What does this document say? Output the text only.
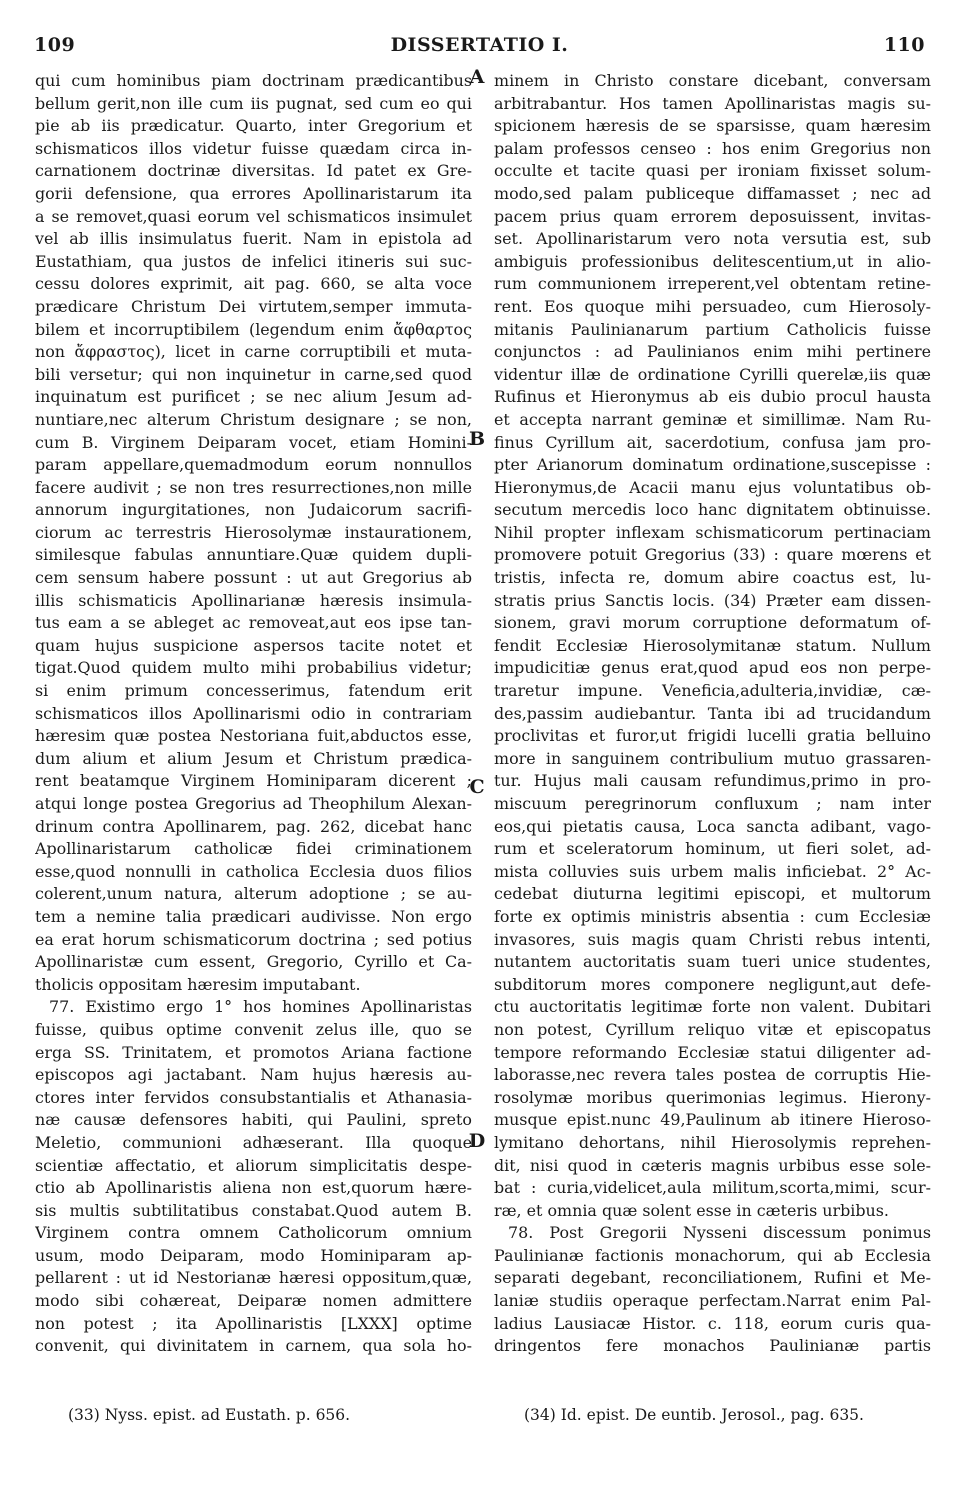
109	DISSERTATIO I.	110
qui cum hominibus piam doctrinam prædicantibus
bellum gerit,non ille cum iis pugnat, sed cum eo qui
pie ab iis prædicatur. Quarto, inter Gregorium et
schismaticos illos videtur fuisse quædam circa in-
carnationem doctrinæ diversitas. Id patet ex Gre-
gorii defensione, qua errores Apollinaristarum ita
a se removet,quasi eorum vel schismaticos insimulet
vel ab illis insimulatus fuerit. Nam in epistola ad
Eustathiam, qua justos de infelici itineris sui suc-
cessu dolores exprimit, ait pag. 660, se alta voce
prædicare Christum Dei virtutem,semper immuta-
bilem et incorruptibilem (legendum enim ἄφθαρτος
non ἄφραστος), licet in carne corruptibili et muta-
bili versetur; qui non inquinetur in carne,sed quod
inquinatum est purificet ; se nec alium Jesum ad-
nuntiare,nec alterum Christum designare ; se non,
cum B. Virginem Deiparam vocet, etiam Homini-
param appellare,quemadmodum eorum nonnullos
facere audivit ; se non tres resurrectiones,non mille
annorum ingurgitationes, non Judaicorum sacrifi-
ciorum ac terrestris Hierosolymæ instaurationem,
similesque fabulas annuntiare.Quæ quidem dupli-
cem sensum habere possunt : ut aut Gregorius ab
illis schismaticis Apollinarianæ hæresis insimula-
tus eam a se ableget ac removeat,aut eos ipse tan-
quam hujus suspicione aspersos tacite notet et
tigat.Quod quidem multo mihi probabilius videtur;
si enim primum concesserimus, fatendum erit
schismaticos illos Apollinarismi odio in contrariam
hæresim quæ postea Nestoriana fuit,abductos esse,
dum alium et alium Jesum et Christum prædica-
rent beatamque Virginem Hominiparam dicerent ;
atqui longe postea Gregorius ad Theophilum Alexan-
drinum contra Apollinarem, pag. 262, dicebat hanc
Apollinaristarum catholicæ fidei criminationem
esse,quod nonnulli in catholica Ecclesia duos filios
colerent,unum natura, alterum adoptione ; se au-
tem a nemine talia prædicari audivisse. Non ergo
ea erat horum schismaticorum doctrina ; sed potius
Apollinaristæ cum essent, Gregorio, Cyrillo et Ca-
tholicis oppositam hæresim imputabant.
77. Existimo ergo 1° hos homines Apollinaristas
fuisse, quibus optime convenit zelus ille, quo se
erga SS. Trinitatem, et promotos Ariana factione
episcopos agi jactabant. Nam hujus hæresis au-
ctores inter fervidos consubstantialis et Athanasia-
næ causæ defensores habiti, qui Paulini, spreto
Meletio, communioni adhæserant. Illa quoque
scientiæ affectatio, et aliorum simplicitatis despe-
ctio ab Apollinaristis aliena non est,quorum hære-
sis multis subtilitatibus constabat.Quod autem B.
Virginem contra omnem Catholicorum omnium
usum, modo Deiparam, modo Hominiparam ap-
pellarent : ut id Nestorianæ hæresi oppositum,quæ,
modo sibi cohæreat, Deiparæ nomen admittere
non potest ; ita Apollinaristis [LXXX] optime
convenit, qui divinitatem in carnem, qua sola ho-
minem in Christo constare dicebant, conversam
arbitrabantur. Hos tamen Apollinaristas magis su-
spicionem hæresis de se sparsisse, quam hæresim
palam professos censeo : hos enim Gregorius non
occulte et tacite quasi per ironiam fixisset solum-
modo,sed palam publiceque diffamasset ; nec ad
pacem prius quam errorem deposuissent, invitas-
set. Apollinaristarum vero nota versutia est, sub
ambiguis professionibus delitescentium,ut in alio-
rum communionem irreperent,vel obtentam retine-
rent. Eos quoque mihi persuadeo, cum Hierosoly-
mitanis Paulinianarum partium Catholicis fuisse
conjunctos : ad Paulinianos enim mihi pertinere
videntur illæ de ordinatione Cyrilli querelæ,iis quæ
Rufinus et Hieronymus ab eis dubio procul hausta
et accepta narrant geminæ et simillimæ. Nam Ru-
finus Cyrillum ait, sacerdotium, confusa jam pro-
pter Arianorum dominatum ordinatione,suscepisse :
Hieronymus,de Acacii manu ejus voluntatibus ob-
secutum mercedis loco hanc dignitatem obtinuisse.
Nihil propter inflexam schismaticorum pertinaciam
promovere potuit Gregorius (33) : quare mœrens et
tristis, infecta re, domum abire coactus est, lu-
stratis prius Sanctis locis. (34) Præter eam dissen-
sionem, gravi morum corruptione deformatum of-
fendit Ecclesiæ Hierosolymitanæ statum. Nullum
impudicitiæ genus erat,quod apud eos non perpe-
traretur impune. Veneficia,adulteria,invidiæ, cæ-
des,passim audiebantur. Tanta ibi ad trucidandum
proclivitas et furor,ut frigidi lucelli gratia belluino
more in sanguinem contribulium mutuo grassaren-
tur. Hujus mali causam refundimus,primo in pro-
miscuum peregrinorum confluxum ; nam inter
eos,qui pietatis causa, Loca sancta adibant, vago-
rum et sceleratorum hominum, ut fieri solet, ad-
mista colluvies suis urbem malis inficiebat. 2° Ac-
cedebat diuturna legitimi episcopi, et multorum
forte ex optimis ministris absentia : cum Ecclesiæ
invasores, suis magis quam Christi rebus intenti,
nutantem auctoritatis suam tueri unice studentes,
subditorum mores componere negligunt,aut defe-
ctu auctoritatis legitimæ forte non valent. Dubitari
non potest, Cyrillum reliquo vitæ et episcopatus
tempore reformando Ecclesiæ statui diligenter ad-
laborasse,nec revera tales postea de corruptis Hie-
rosolymæ moribus querimonias legimus. Hierony-
musque epist.nunc 49,Paulinum ab itinere Hieroso-
lymitano dehortans, nihil Hierosolymis reprehen-
dit, nisi quod in cæteris magnis urbibus esse sole-
bat : curia,videlicet,aula militum,scorta,mimi, scur-
ræ, et omnia quæ solent esse in cæteris urbibus.
78. Post Gregorii Nysseni discessum ponimus
Paulinianæ factionis monachorum, qui ab Ecclesia
separati degebant, reconciliationem, Rufini et Me-
laniæ studiis operaque perfectam.Narrat enim Pal-
ladius Lausiacæ Histor. c. 118, eorum curis qua-
dringentos fere monachos Paulinianæ partis
A
B
C
D
(33) Nyss. epist. ad Eustath. p. 656.	(34) Id. epist. De euntib. Jerosol., pag. 635.
